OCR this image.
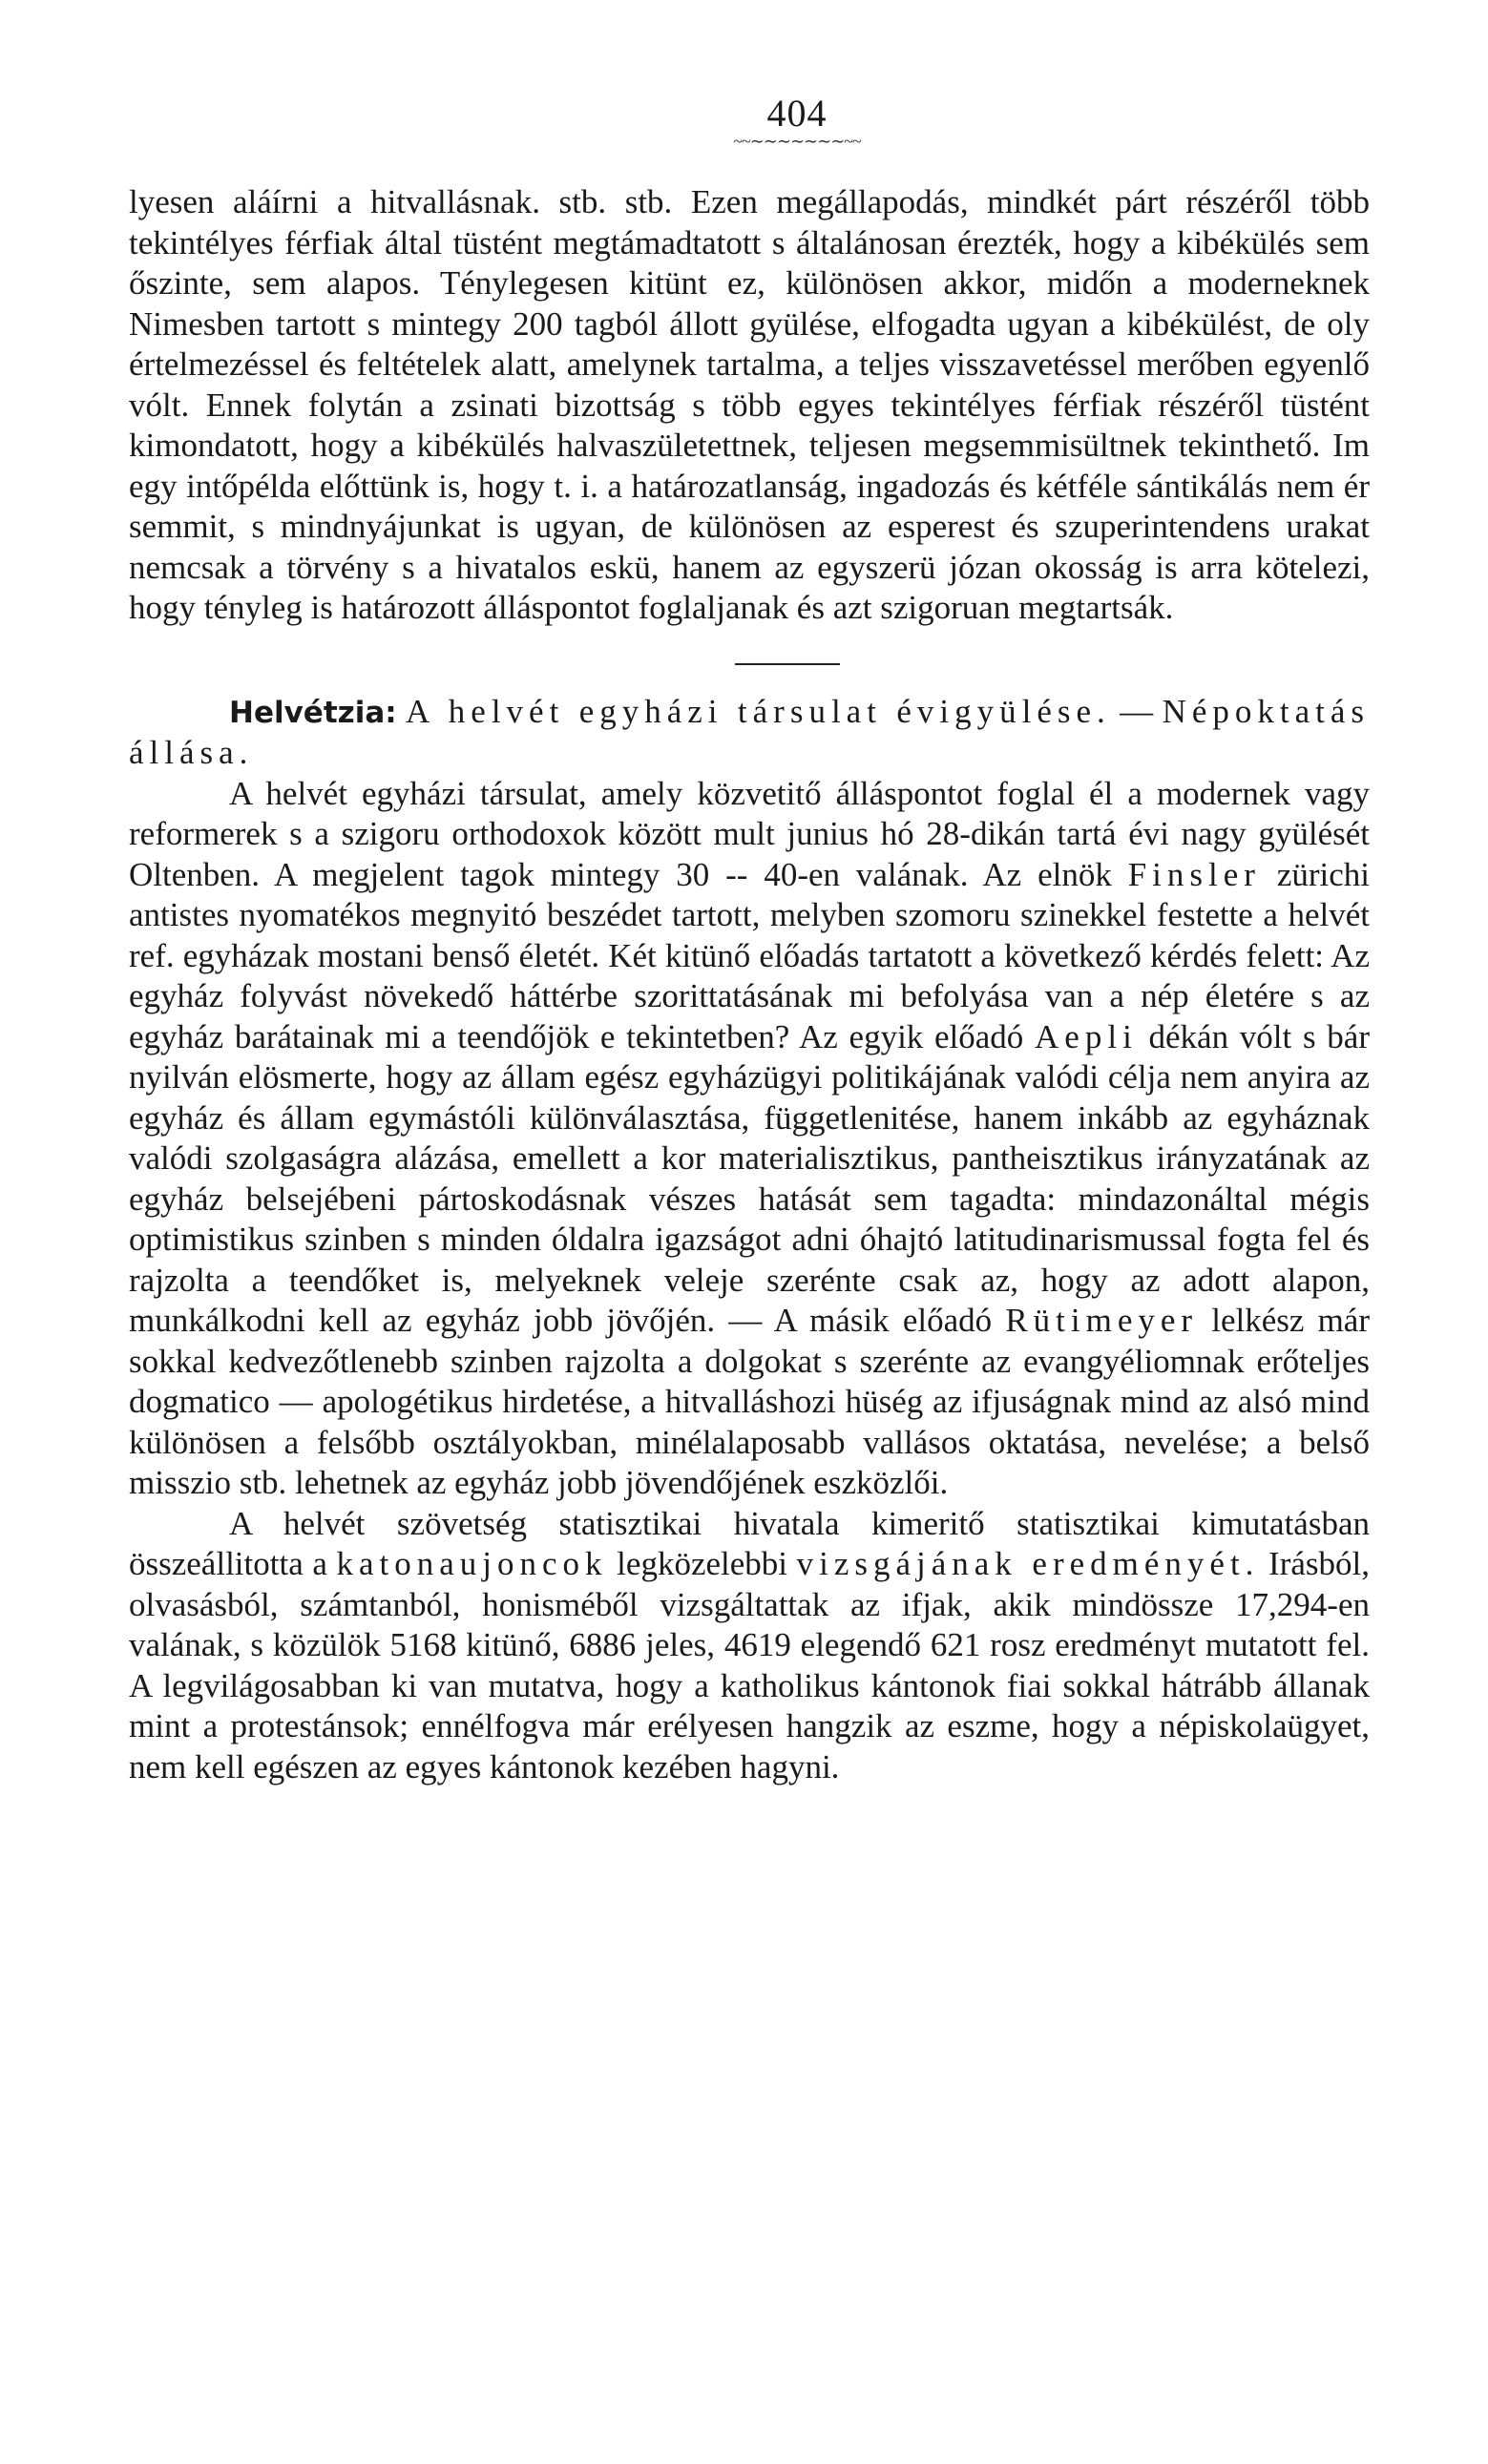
404
~~∼∼∼∼∼∼∼~~

lyesen aláírni a hitvallásnak. stb. stb. Ezen megállapodás, mindkét párt részéről több tekintélyes férfiak által tüstént megtámadtatott s általánosan érezték, hogy a kibékülés sem őszinte, sem alapos. Ténylegesen kitünt ez, különösen akkor, midőn a moderneknek Nimesben tartott s mintegy 200 tagból állott gyülése, elfogadta ugyan a kibékülést, de oly értelmezéssel és feltételek alatt, amelynek tartalma, a teljes visszavetéssel merőben egyenlő vólt. Ennek folytán a zsinati bizottság s több egyes tekintélyes férfiak részéről tüstént kimondatott, hogy a kibékülés halvaszületettnek, teljesen megsemmisültnek tekinthető. Im egy intőpélda előttünk is, hogy t. i. a határozatlanság, ingadozás és kétféle sántikálás nem ér semmit, s mindnyájunkat is ugyan, de különösen az esperest és szuperintendens urakat nemcsak a törvény s a hivatalos eskü, hanem az egyszerü józan okosság is arra kötelezi, hogy tényleg is határozott álláspontot foglaljanak és azt szigoruan megtartsák.

Helvétzia: A helvét egyházi társulat évigyülése. — Népoktatás állása.

A helvét egyházi társulat, amely közvetitő álláspontot foglal él a modernek vagy reformerek s a szigoru orthodoxok között mult junius hó 28-dikán tartá évi nagy gyülését Oltenben. A megjelent tagok mintegy 30 -- 40-en valának. Az elnök Finsler zürichi antistes nyomatékos megnyitó beszédet tartott, melyben szomoru szinekkel festette a helvét ref. egyházak mostani benső életét. Két kitünő előadás tartatott a következő kérdés felett: Az egyház folyvást növekedő háttérbe szorittatásának mi befolyása van a nép életére s az egyház barátainak mi a teendőjök e tekintetben? Az egyik előadó Aepli dékán vólt s bár nyilván elösmerte, hogy az állam egész egyházügyi politikájának valódi célja nem anyira az egyház és állam egymástóli különválasztása, függetlenitése, hanem inkább az egyháznak valódi szolgaságra alázása, emellett a kor materialisztikus, pantheisztikus irányzatának az egyház belsejébeni pártoskodásnak vészes hatását sem tagadta: mindazonáltal mégis optimistikus szinben s minden óldalra igazságot adni óhajtó latitudinarismussal fogta fel és rajzolta a teendőket is, melyeknek veleje szerénte csak az, hogy az adott alapon, munkálkodni kell az egyház jobb jövőjén. — A másik előadó Rütimeyer lelkész már sokkal kedvezőtlenebb szinben rajzolta a dolgokat s szerénte az evangyéliomnak erőteljes dogmatico — apologétikus hirdetése, a hitvalláshozi hüség az ifjuságnak mind az alsó mind különösen a felsőbb osztályokban, minélalaposabb vallásos oktatása, nevelése; a belső misszio stb. lehetnek az egyház jobb jövendőjének eszközlői.

A helvét szövetség statisztikai hivatala kimeritő statisztikai kimutatásban összeállitotta a katonaujoncok legközelebbi vizsgájának eredményét. Irásból, olvasásból, számtanból, honisméből vizsgáltattak az ifjak, akik mindössze 17,294-en valának, s közülök 5168 kitünő, 6886 jeles, 4619 elegendő 621 rosz eredményt mutatott fel. A legvilágosabban ki van mutatva, hogy a katholikus kántonok fiai sokkal hátrább állanak mint a protestánsok; ennélfogva már erélyesen hangzik az eszme, hogy a népiskolaügyet, nem kell egészen az egyes kántonok kezében hagyni.
